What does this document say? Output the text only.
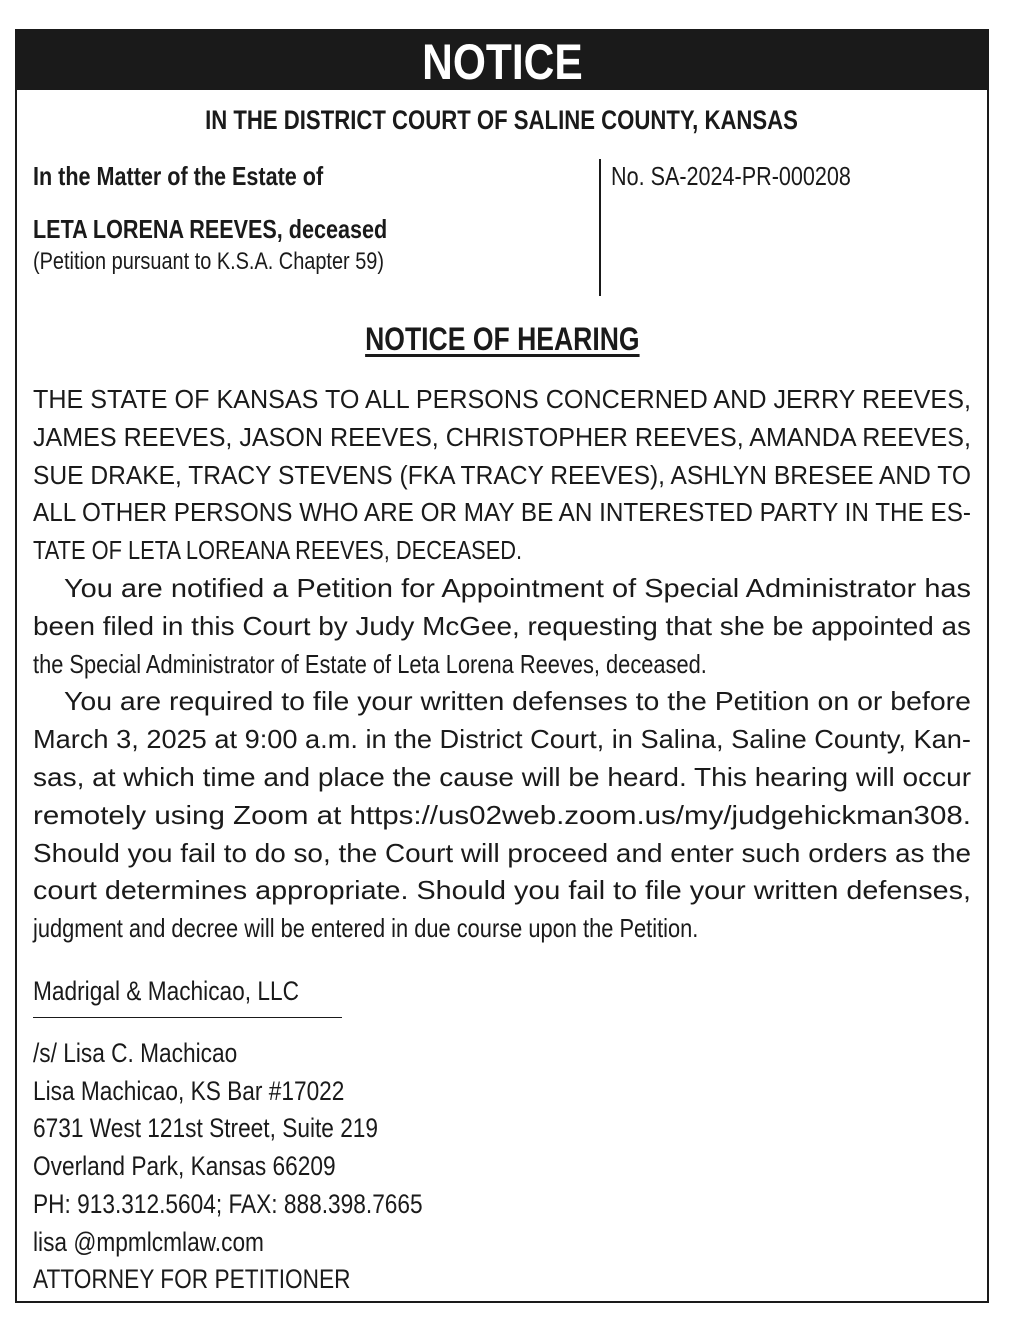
NOTICE
IN THE DISTRICT COURT OF SALINE COUNTY, KANSAS
In the Matter of the Estate of
LETA LORENA REEVES, deceased
(Petition pursuant to K.S.A. Chapter 59)
No. SA-2024-PR-000208
NOTICE OF HEARING
THE STATE OF KANSAS TO ALL PERSONS CONCERNED AND JERRY REEVES,
JAMES REEVES, JASON REEVES, CHRISTOPHER REEVES, AMANDA REEVES,
SUE DRAKE, TRACY STEVENS (FKA TRACY REEVES), ASHLYN BRESEE AND TO
ALL OTHER PERSONS WHO ARE OR MAY BE AN INTERESTED PARTY IN THE ES-
TATE OF LETA LOREANA REEVES, DECEASED.
You are notified a Petition for Appointment of Special Administrator has
been filed in this Court by Judy McGee, requesting that she be appointed as
the Special Administrator of Estate of Leta Lorena Reeves, deceased.
You are required to file your written defenses to the Petition on or before
March 3, 2025 at 9:00 a.m. in the District Court, in Salina, Saline County, Kan-
sas, at which time and place the cause will be heard. This hearing will occur
remotely using Zoom at https://us02web.zoom.us/my/judgehickman308.
Should you fail to do so, the Court will proceed and enter such orders as the
court determines appropriate. Should you fail to file your written defenses,
judgment and decree will be entered in due course upon the Petition.
Madrigal & Machicao, LLC
/s/ Lisa C. Machicao
Lisa Machicao, KS Bar #17022
6731 West 121st Street, Suite 219
Overland Park, Kansas 66209
PH: 913.312.5604; FAX: 888.398.7665
lisa @mpmlcmlaw.com
ATTORNEY FOR PETITIONER
